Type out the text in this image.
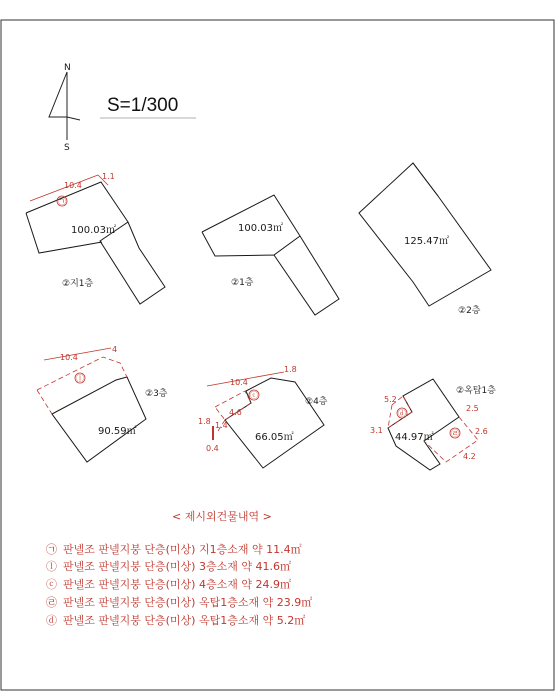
N
S
S=1/300
㉠
10.4
1.1
100.03㎡
②지1층
100.03㎡
②1층
125.47㎡
②2층
ⓛ
10.4
4
90.59㎡
②3층	ⓒ
10.4
1.8
1.8 1.4
4.6
0.4
66.05㎡
②4층
ⓓ
㉣
5.2
3.1
2.5
2.6
4.2
44.97㎡
②옥탑1층
< 제시외건물내역 >
㉠ 판넬조 판넬지붕 단층(미상) 지1층소재 약 11.4㎡
ⓛ 판넬조 판넬지붕 단층(미상) 3층소재 약 41.6㎡
ⓒ 판넬조 판넬지붕 단층(미상) 4층소재 약 24.9㎡
㉣ 판넬조 판넬지붕 단층(미상) 옥탑1층소재 약 23.9㎡
ⓓ 판넬조 판넬지붕 단층(미상) 옥탑1층소재 약 5.2㎡
